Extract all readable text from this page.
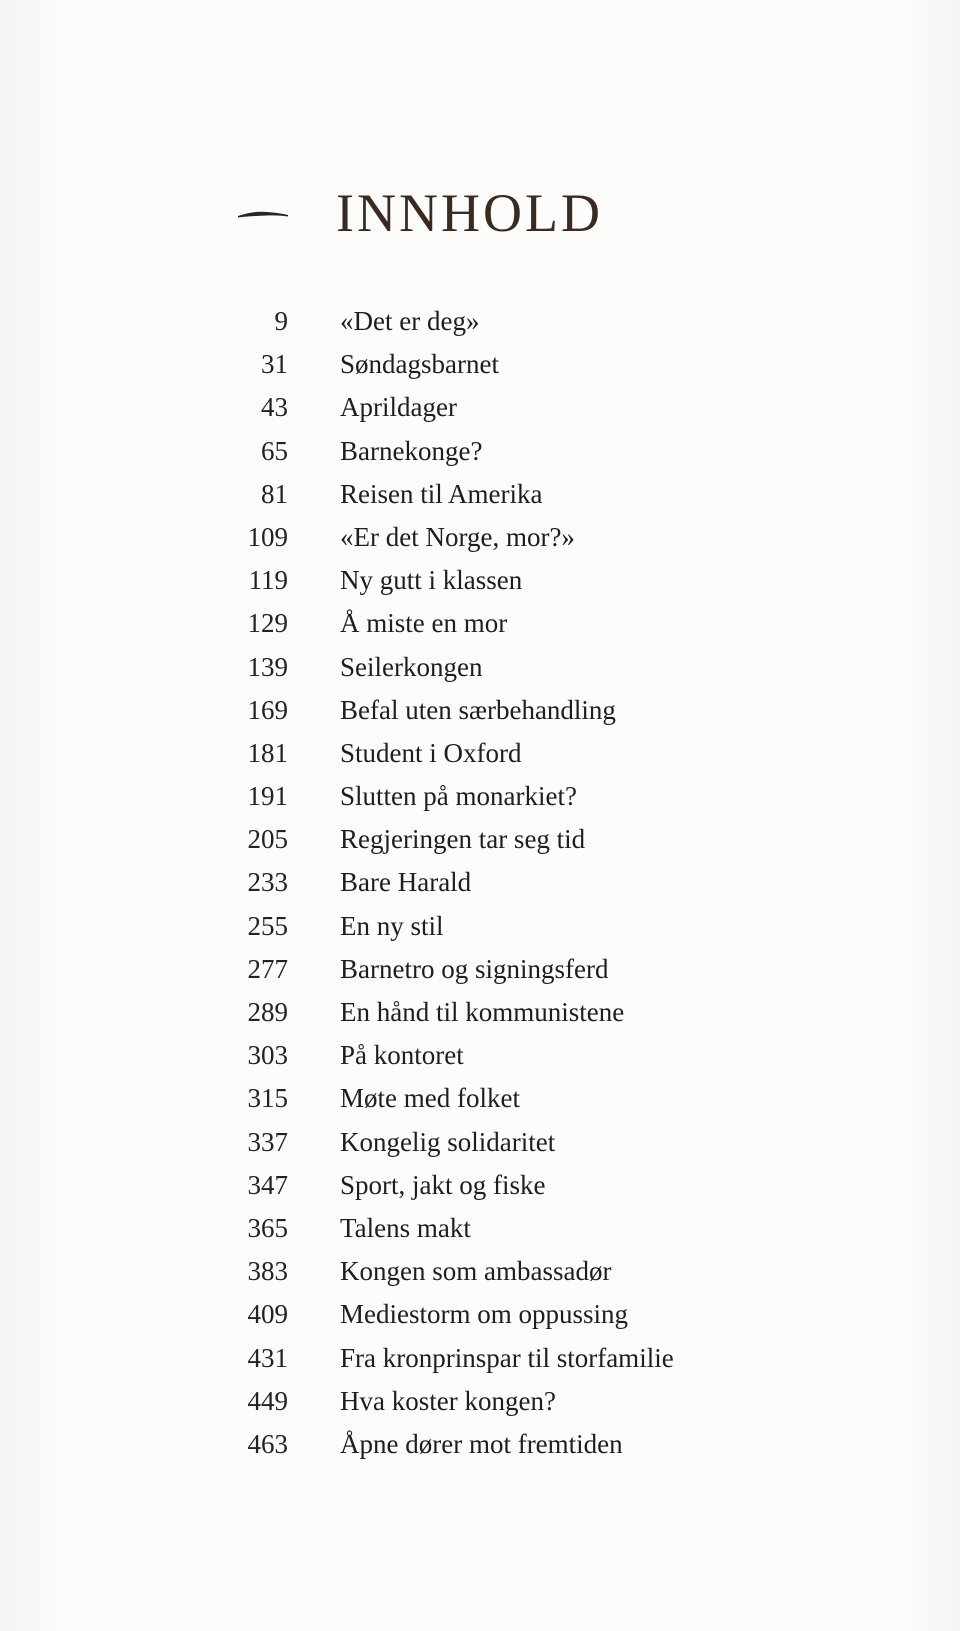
INNHOLD
9 «Det er deg»
31 Søndagsbarnet
43 Aprildager
65 Barnekonge?
81 Reisen til Amerika
109 «Er det Norge, mor?»
119 Ny gutt i klassen
129 Å miste en mor
139 Seilerkongen
169 Befal uten særbehandling
181 Student i Oxford
191 Slutten på monarkiet?
205 Regjeringen tar seg tid
233 Bare Harald
255 En ny stil
277 Barnetro og signingsferd
289 En hånd til kommunistene
303 På kontoret
315 Møte med folket
337 Kongelig solidaritet
347 Sport, jakt og fiske
365 Talens makt
383 Kongen som ambassadør
409 Mediestorm om oppussing
431 Fra kronprinspar til storfamilie
449 Hva koster kongen?
463 Åpne dører mot fremtiden
